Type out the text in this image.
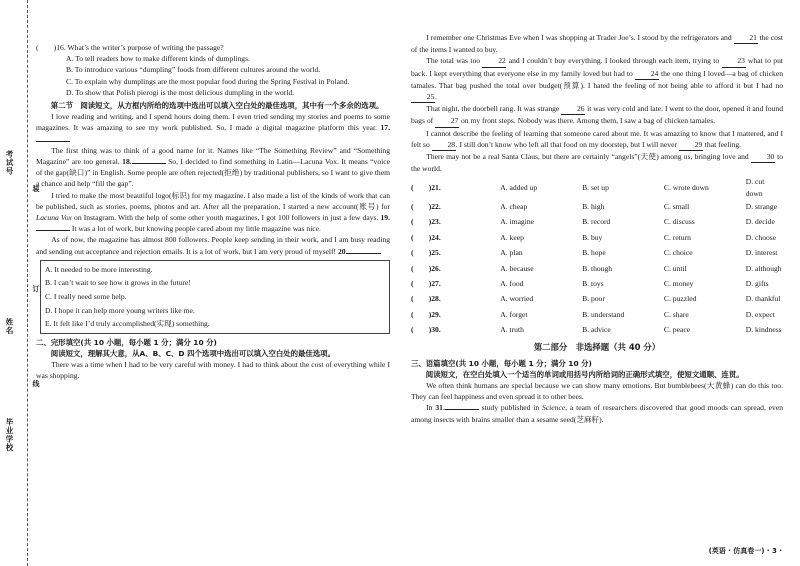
考试号
装
订
姓名
线
毕业学校

(　　)16. What’s the writer’s purpose of writing the passage?

A. To tell readers how to make different kinds of dumplings.

B. To introduce various “dumpling” foods from different cultures around the world.

C. To explain why dumplings are the most popular food during the Spring Festival in Poland.

D. To show that Polish pierogi is the most delicious dumpling in the world.

第二节　阅读短文，从方框内所给的选项中选出可以填入空白处的最佳选项，其中有一个多余的选项。

I love reading and writing, and I spend hours doing them. I even tried sending my stories and poems to some magazines. It was amazing to see my work published. So, I made a digital magazine platform this year. 17.

The first thing was to think of a good name for it. Names like “The Something Review” and “Something Magazine” are too general. 18.	So, I decided to find something in Latin—Lacuna Vox. It means “voice of the gap(缺口)” in English. Some people are often rejected(拒绝) by traditional publishers, so I want to give them a chance and help “fill the gap”.

I tried to make the most beautiful logo(标识) for my magazine. I also made a list of the kinds of work that can be published, such as stories, poems, photos and art. After all the preparation, I started a new account(账号) for Lacuna Vox on Instagram. With the help of some other youth magazines, I got 100 followers in just a few days. 19. It was a lot of work, but knowing people cared about my little magazine was nice.

As of now, the magazine has almost 800 followers. People keep sending in their work, and I am busy reading and sending out acceptance and rejection emails. It is a lot of work, but I am very proud of myself! 20.

A. It needed to be more interesting.

B. I can’t wait to see how it grows in the future!

C. I really need some help.

D. I hope it can help more young writers like me.

E. It felt like I’d truly accomplished(实现) something.

二、完形填空(共 10 小题，每小题 1 分；满分 10 分)

阅读短文，理解其大意，从A、B、C、D 四个选项中选出可以填入空白处的最佳选项。

There was a time when I had to be very careful with money. I had to think about the cost of everything while I was shopping.

I remember one Christmas Eve when I was shopping at Trader Joe’s. I stood by the refrigerators and 21 the cost of the items I wanted to buy.

The total was too 22 and I couldn’t buy everything. I looked through each item, trying to 23 what to put back. I kept everything that everyone else in my family loved but had to 24 the one thing I loved—a bag of chicken tamales. That bag pushed the total over budget(预算). I hated the feeling of not being able to afford it but I had no 25.

That night, the doorbell rang. It was strange 26 it was very cold and late. I went to the door, opened it and found bags of 27 on my front steps. Nobody was there. Among them, I saw a bag of chicken tamales.

I cannot describe the feeling of learning that someone cared about me. It was amazing to know that I mattered, and I felt so 28. I still don’t know who left all that food on my doorstep, but I will never 29 that feeling.

There may not be a real Santa Claus, but there are certainly “angels”(天使) among us, bringing love and 30 to the world.

(　　)21.	A. added up	B. set up	C. wrote down	D. cut down
(　　)22.	A. cheap	B. high	C. small	D. strange
(　　)23.	A. imagine	B. record	C. discuss	D. decide
(　　)24.	A. keep	B. buy	C. return	D. choose
(　　)25.	A. plan	B. hope	C. choice	D. interest
(　　)26.	A. because	B. though	C. until	D. although
(　　)27.	A. food	B. toys	C. money	D. gifts
(　　)28.	A. worried	B. poor	C. puzzled	D. thankful
(　　)29.	A. forget	B. understand	C. share	D. expect
(　　)30.	A. truth	B. advice	C. peace	D. kindness

第二部分　非选择题（共 40 分）

三、语篇填空(共 10 小题，每小题 1 分；满分 10 分)

阅读短文，在空白处填入一个适当的单词或用括号内所给词的正确形式填空，使短文通顺、连贯。

We often think humans are special because we can show many emotions. But bumblebees(大黄蜂) can do this too. They can feel happiness and even spread it to other bees.

In 31.	study published in Science, a team of researchers discovered that good moods can spread, even among insects with brains smaller than a sesame seed(芝麻籽).

(英语 · 仿真卷一) · 3 ·
